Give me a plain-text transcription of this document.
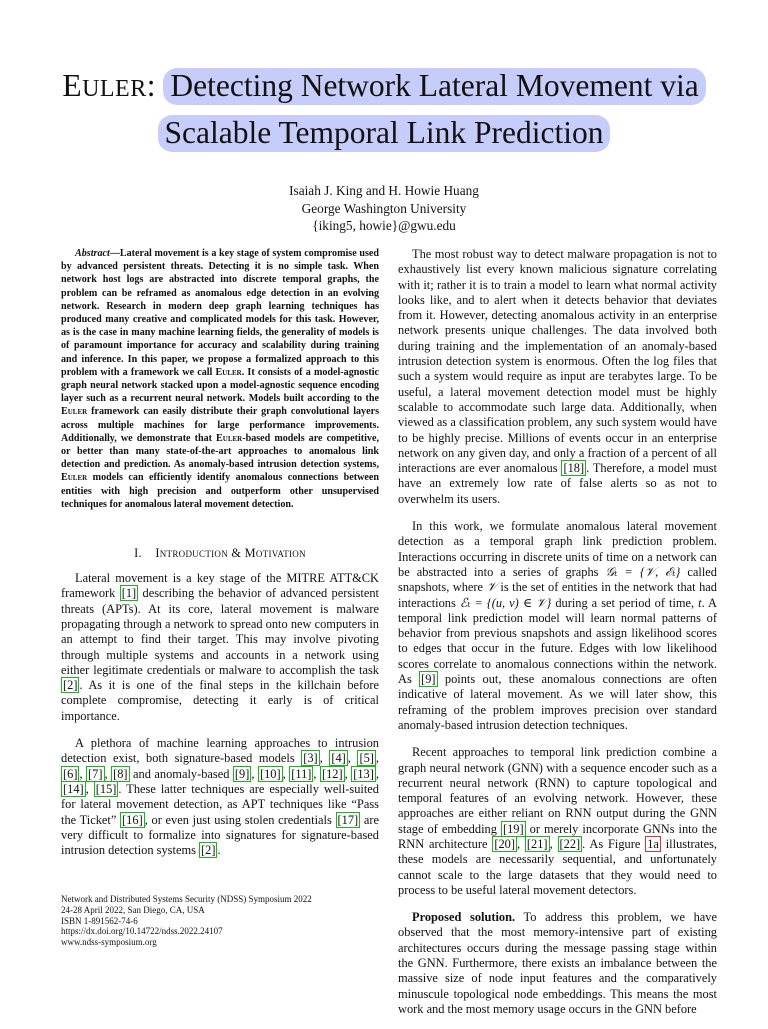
EULER: Detecting Network Lateral Movement via
Scalable Temporal Link Prediction
Isaiah J. King and H. Howie Huang
George Washington University
{iking5, howie}@gwu.edu

Abstract—Lateral movement is a key stage of system compromise used by advanced persistent threats. Detecting it is no simple task. When network host logs are abstracted into discrete temporal graphs, the problem can be reframed as anomalous edge detection in an evolving network. Research in modern deep graph learning techniques has produced many creative and complicated models for this task. However, as is the case in many machine learning fields, the generality of models is of paramount importance for accuracy and scalability during training and inference. In this paper, we propose a formalized approach to this problem with a framework we call Euler. It consists of a model-agnostic graph neural network stacked upon a model-agnostic sequence encoding layer such as a recurrent neural network. Models built according to the Euler framework can easily distribute their graph convolutional layers across multiple machines for large performance improvements. Additionally, we demonstrate that Euler-based models are competitive, or better than many state-of-the-art approaches to anomalous link detection and prediction. As anomaly-based intrusion detection systems, Euler models can efficiently identify anomalous connections between entities with high precision and outperform other unsupervised techniques for anomalous lateral movement detection.

I. Introduction & Motivation

Lateral movement is a key stage of the MITRE ATT&CK framework [1] describing the behavior of advanced persistent threats (APTs). At its core, lateral movement is malware propagating through a network to spread onto new computers in an attempt to find their target. This may involve pivoting through multiple systems and accounts in a network using either legitimate credentials or malware to accomplish the task [2] . As it is one of the final steps in the killchain before complete compromise, detecting it early is of critical importance.

A plethora of machine learning approaches to intrusion detection exist, both signature-based models [3] , [4] , [5] , [6] , [7] , [8] and anomaly-based [9] , [10] , [11] , [12] , [13] , [14] , [15] . These latter techniques are especially well-suited for lateral movement detection, as APT techniques like “Pass the Ticket” [16] , or even just using stolen credentials [17] are very difficult to formalize into signatures for signature-based intrusion detection systems [2] .

Network and Distributed Systems Security (NDSS) Symposium 2022
24-28 April 2022, San Diego, CA, USA
ISBN 1-891562-74-6
https://dx.doi.org/10.14722/ndss.2022.24107
www.ndss-symposium.org

The most robust way to detect malware propagation is not to exhaustively list every known malicious signature correlating with it; rather it is to train a model to learn what normal activity looks like, and to alert when it detects behavior that deviates from it. However, detecting anomalous activity in an enterprise network presents unique challenges. The data involved both during training and the implementation of an anomaly-based intrusion detection system is enormous. Often the log files that such a system would require as input are terabytes large. To be useful, a lateral movement detection model must be highly scalable to accommodate such large data. Additionally, when viewed as a classification problem, any such system would have to be highly precise. Millions of events occur in an enterprise network on any given day, and only a fraction of a percent of all interactions are ever anomalous [18] . Therefore, a model must have an extremely low rate of false alerts so as not to overwhelm its users.

In this work, we formulate anomalous lateral movement detection as a temporal graph link prediction problem. Interactions occurring in discrete units of time on a network can be abstracted into a series of graphs 𝒢ₜ = {𝒱, ℰₜ} called snapshots, where 𝒱 is the set of entities in the network that had interactions ℰₜ = {(u, v) ∈ 𝒱} during a set period of time, t. A temporal link prediction model will learn normal patterns of behavior from previous snapshots and assign likelihood scores to edges that occur in the future. Edges with low likelihood scores correlate to anomalous connections within the network. As [9] points out, these anomalous connections are often indicative of lateral movement. As we will later show, this reframing of the problem improves precision over standard anomaly-based intrusion detection techniques.

Recent approaches to temporal link prediction combine a graph neural network (GNN) with a sequence encoder such as a recurrent neural network (RNN) to capture topological and temporal features of an evolving network. However, these approaches are either reliant on RNN output during the GNN stage of embedding [19] or merely incorporate GNNs into the RNN architecture [20] , [21] , [22] . As Figure 1a illustrates, these models are necessarily sequential, and unfortunately cannot scale to the large datasets that they would need to process to be useful lateral movement detectors.

Proposed solution. To address this problem, we have observed that the most memory-intensive part of existing architectures occurs during the message passing stage within the GNN. Furthermore, there exists an imbalance between the massive size of node input features and the comparatively minuscule topological node embeddings. This means the most work and the most memory usage occurs in the GNN before
